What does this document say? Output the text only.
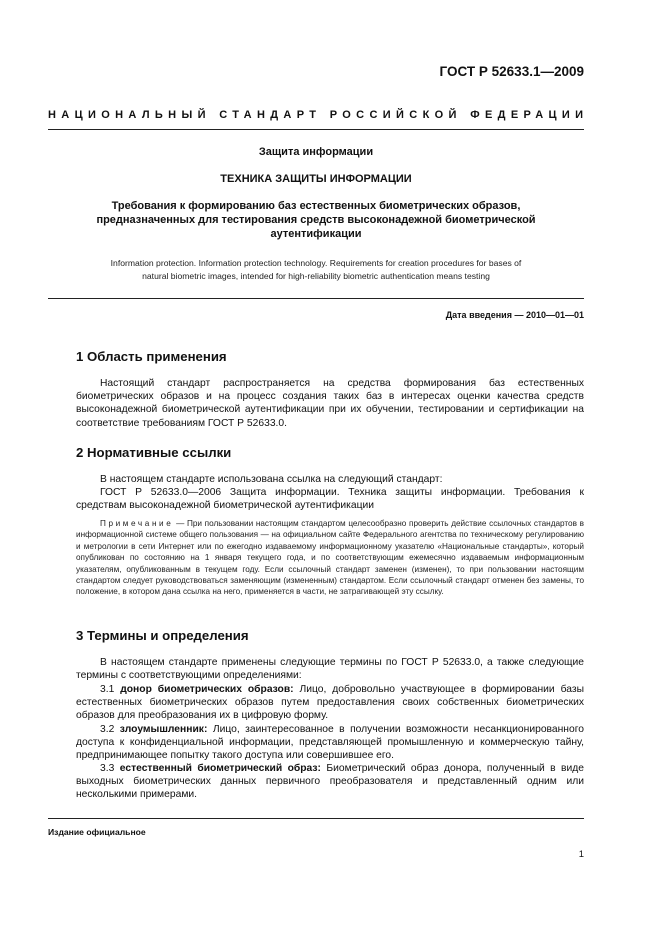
ГОСТ Р 52633.1—2009
НАЦИОНАЛЬНЫЙ СТАНДАРТ РОССИЙСКОЙ ФЕДЕРАЦИИ
Защита информации
ТЕХНИКА ЗАЩИТЫ ИНФОРМАЦИИ
Требования к формированию баз естественных биометрических образов,
предназначенных для тестирования средств высоконадежной биометрической
аутентификации
Information protection. Information protection technology. Requirements for creation procedures for bases of
natural biometric images, intended for high-reliability biometric authentication means testing
Дата введения — 2010—01—01
1 Область применения
Настоящий стандарт распространяется на средства формирования баз естественных биометрических образов и на процесс создания таких баз в интересах оценки качества средств высоконадежной биометрической аутентификации при их обучении, тестировании и сертификации на соответствие требованиям ГОСТ Р 52633.0.
2 Нормативные ссылки
В настоящем стандарте использована ссылка на следующий стандарт:
ГОСТ Р 52633.0—2006 Защита информации. Техника защиты информации. Требования к средствам высоконадежной биометрической аутентификации
Примечание — При пользовании настоящим стандартом целесообразно проверить действие ссылочных стандартов в информационной системе общего пользования — на официальном сайте Федерального агентства по техническому регулированию и метрологии в сети Интернет или по ежегодно издаваемому информационному указателю «Национальные стандарты», который опубликован по состоянию на 1 января текущего года, и по соответствующим ежемесячно издаваемым информационным указателям, опубликованным в текущем году. Если ссылочный стандарт заменен (изменен), то при пользовании настоящим стандартом следует руководствоваться заменяющим (измененным) стандартом. Если ссылочный стандарт отменен без замены, то положение, в котором дана ссылка на него, применяется в части, не затрагивающей эту ссылку.
3 Термины и определения
В настоящем стандарте применены следующие термины по ГОСТ Р 52633.0, а также следующие термины с соответствующими определениями:
3.1 донор биометрических образов: Лицо, добровольно участвующее в формировании базы естественных биометрических образов путем предоставления своих собственных биометрических образов для преобразования их в цифровую форму.
3.2 злоумышленник: Лицо, заинтересованное в получении возможности несанкционированного доступа к конфиденциальной информации, представляющей промышленную и коммерческую тайну, предпринимающее попытку такого доступа или совершившее его.
3.3 естественный биометрический образ: Биометрический образ донора, полученный в виде выходных биометрических данных первичного преобразователя и представленный одним или несколькими примерами.
Издание официальное
1
